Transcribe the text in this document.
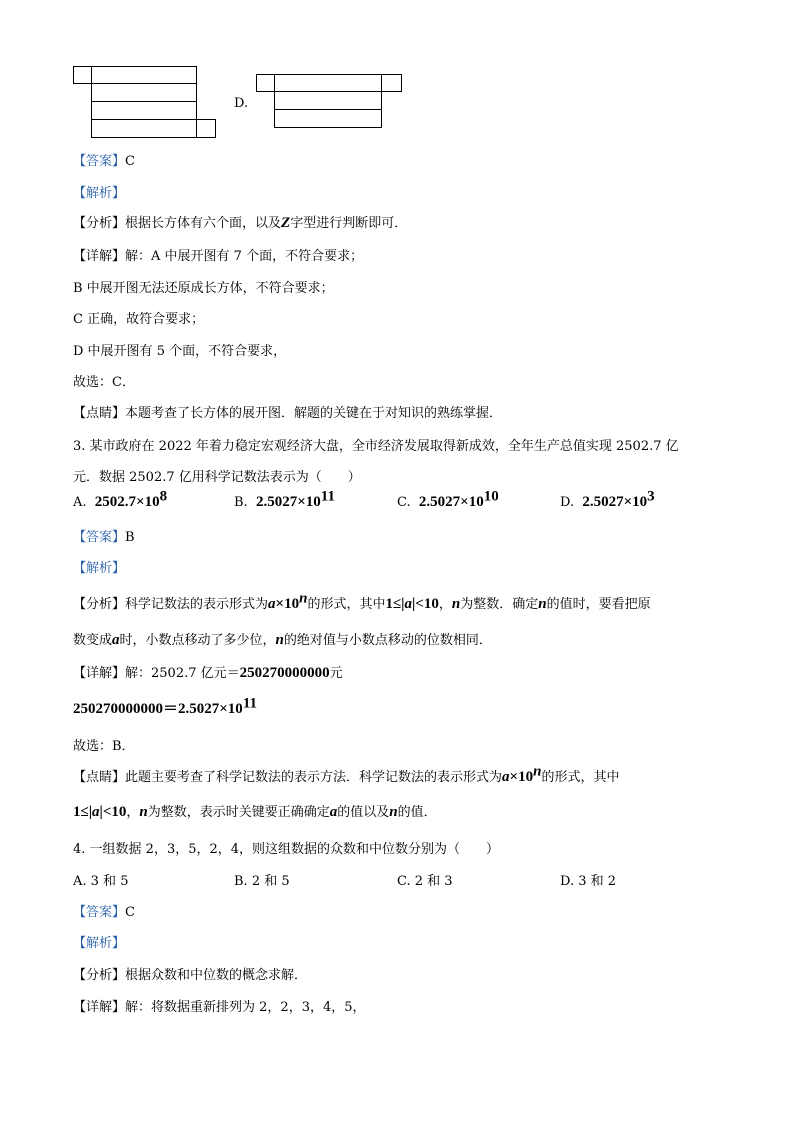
D.
【答案】C
【解析】
【分析】根据长方体有六个面，以及Z字型进行判断即可．
【详解】解：A 中展开图有 7 个面，不符合要求；
B 中展开图无法还原成长方体，不符合要求；
C 正确，故符合要求；
D 中展开图有 5 个面，不符合要求，
故选：C．
【点睛】本题考查了长方体的展开图．解题的关键在于对知识的熟练掌握．
3. 某市政府在 2022 年着力稳定宏观经济大盘，全市经济发展取得新成效，全年生产总值实现 2502.7 亿
元．数据 2502.7 亿用科学记数法表示为（　　）
A. $2502.7\times 10^8$	B. $2.5027\times 10^{11}$	C. $2.5027\times 10^{10}$	D. $2.5027\times 10^3$
【答案】B
【解析】
【分析】科学记数法的表示形式为$a\times 10^n$的形式，其中1≤|a|<10，n为整数．确定n的值时，要看把原
数变成a时，小数点移动了多少位，n的绝对值与小数点移动的位数相同．
【详解】解：2502.7 亿元＝250270000000元
$250270000000=2.5027\times 10^{11}$
故选：B．
【点睛】此题主要考查了科学记数法的表示方法．科学记数法的表示形式为$a\times 10^n$的形式，其中
1≤|a|<10，n为整数，表示时关键要正确确定a的值以及n的值．
4. 一组数据 2，3，5，2，4，则这组数据的众数和中位数分别为（　　）
A. 3 和 5	B. 2 和 5	C. 2 和 3	D. 3 和 2
【答案】C
【解析】
【分析】根据众数和中位数的概念求解．
【详解】解：将数据重新排列为 2，2，3，4，5，
